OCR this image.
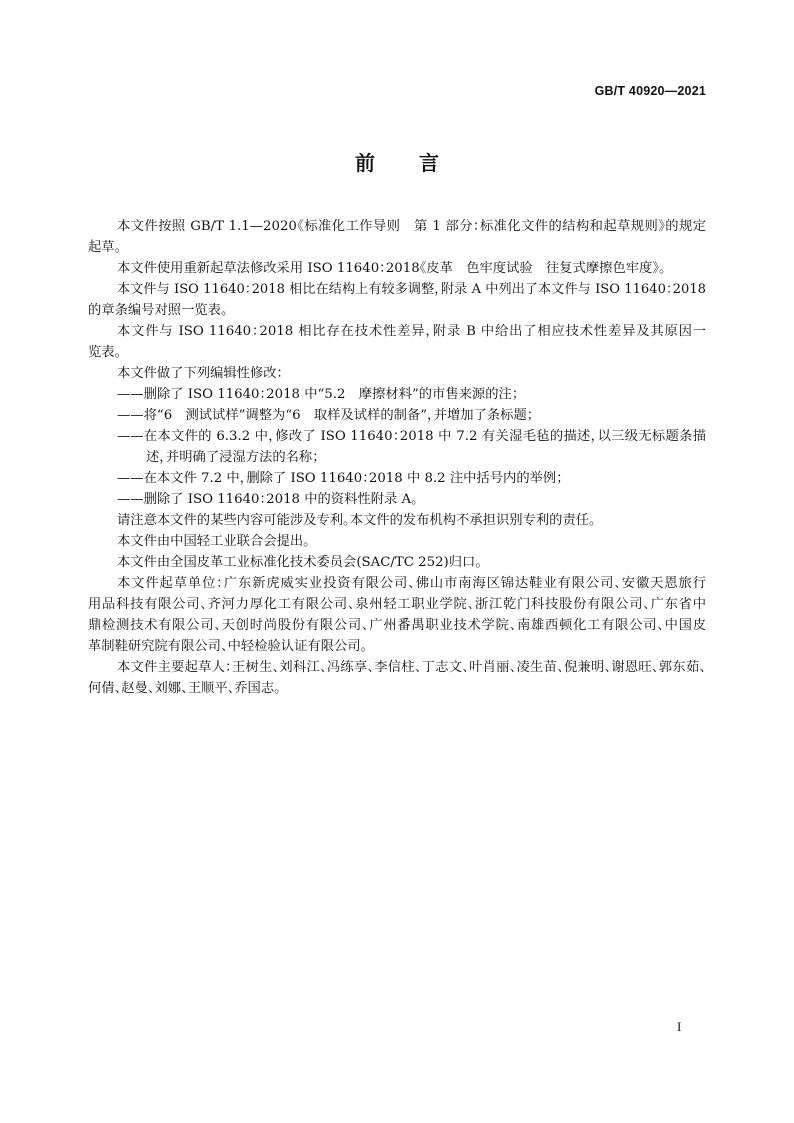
GB/T 40920—2021
前　言
本文件按照 GB/T 1.1—2020《标准化工作导则　第 1 部分：标准化文件的结构和起草规则》的规定
起草。
本文件使用重新起草法修改采用 ISO 11640：2018《皮革　色牢度试验　往复式摩擦色牢度》。
本文件与 ISO 11640：2018 相比在结构上有较多调整，附录 A 中列出了本文件与 ISO 11640：2018
的章条编号对照一览表。
本文件与 ISO 11640：2018 相比存在技术性差异，附录 B 中给出了相应技术性差异及其原因一
览表。
本文件做了下列编辑性修改：
——删除了 ISO 11640：2018 中“5.2　摩擦材料”的市售来源的注；
——将“6　测试试样”调整为“6　取样及试样的制备”，并增加了条标题；
——在本文件的 6.3.2 中，修改了 ISO 11640：2018 中 7.2 有关湿毛毡的描述，以三级无标题条描
述，并明确了浸湿方法的名称；
——在本文件 7.2 中，删除了 ISO 11640：2018 中 8.2 注中括号内的举例；
——删除了 ISO 11640：2018 中的资料性附录 A。
请注意本文件的某些内容可能涉及专利。本文件的发布机构不承担识别专利的责任。
本文件由中国轻工业联合会提出。
本文件由全国皮革工业标准化技术委员会(SAC/TC 252)归口。
本文件起草单位：广东新虎威实业投资有限公司、佛山市南海区锦达鞋业有限公司、安徽天恩旅行
用品科技有限公司、齐河力厚化工有限公司、泉州轻工职业学院、浙江乾门科技股份有限公司、广东省中
鼎检测技术有限公司、天创时尚股份有限公司、广州番禺职业技术学院、南雄西顿化工有限公司、中国皮
革制鞋研究院有限公司、中轻检验认证有限公司。
本文件主要起草人：王树生、刘科江、冯练享、李信柱、丁志文、叶肖丽、凌生苗、倪兼明、谢恩旺、郭东茹、
何倩、赵曼、刘娜、王顺平、乔国志。
I
